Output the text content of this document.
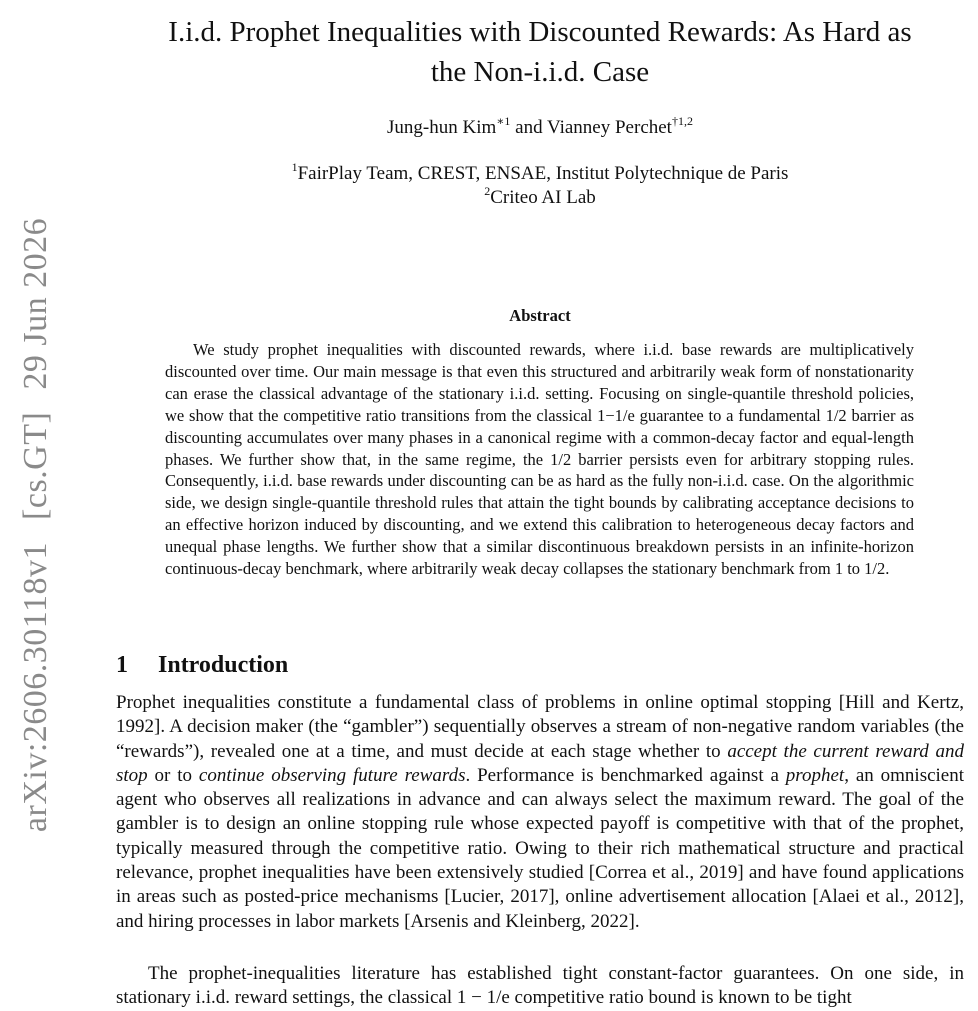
arXiv:2606.30118v1[cs.GT]29 Jun 2026
I.i.d. Prophet Inequalities with Discounted Rewards: As Hard as
the Non-i.i.d. Case
Jung-hun Kim$^{∗1}$ and Vianney Perchet$^{\dagger 1,2}$
$^1$FairPlay Team, CREST, ENSAE, Institut Polytechnique de Paris
$^2$Criteo AI Lab
Abstract

We study prophet inequalities with discounted rewards, where i.i.d. base rewards are multiplicatively discounted over time. Our main message is that even this structured and arbitrarily weak form of nonstationarity can erase the classical advantage of the stationary i.i.d. setting. Focusing on single-quantile threshold policies, we show that the competitive ratio transitions from the classical 1−1/e guarantee to a fundamental 1/2 barrier as discounting accumulates over many phases in a canonical regime with a common-decay factor and equal-length phases. We further show that, in the same regime, the 1/2 barrier persists even for arbitrary stopping rules. Consequently, i.i.d. base rewards under discounting can be as hard as the fully non-i.i.d. case. On the algorithmic side, we design single-quantile threshold rules that attain the tight bounds by calibrating acceptance decisions to an effective horizon induced by discounting, and we extend this calibration to heterogeneous decay factors and unequal phase lengths. We further show that a similar discontinuous breakdown persists in an infinite-horizon continuous-decay benchmark, where arbitrarily weak decay collapses the stationary benchmark from 1 to 1/2.

1 Introduction

Prophet inequalities constitute a fundamental class of problems in online optimal stopping [Hill and Kertz, 1992]. A decision maker (the “gambler”) sequentially observes a stream of non-negative random variables (the “rewards”), revealed one at a time, and must decide at each stage whether to accept the current reward and stop or to continue observing future rewards. Performance is benchmarked against a prophet, an omniscient agent who observes all realizations in advance and can always select the maximum reward. The goal of the gambler is to design an online stopping rule whose expected payoff is competitive with that of the prophet, typically measured through the competitive ratio. Owing to their rich mathematical structure and practical relevance, prophet inequalities have been extensively studied [Correa et al., 2019] and have found applications in areas such as posted-price mechanisms [Lucier, 2017], online advertisement allocation [Alaei et al., 2012], and hiring processes in labor markets [Arsenis and Kleinberg, 2022].

The prophet-inequalities literature has established tight constant-factor guarantees. On one side, in stationary i.i.d. reward settings, the classical 1 − 1/e competitive ratio bound is known to be tight
